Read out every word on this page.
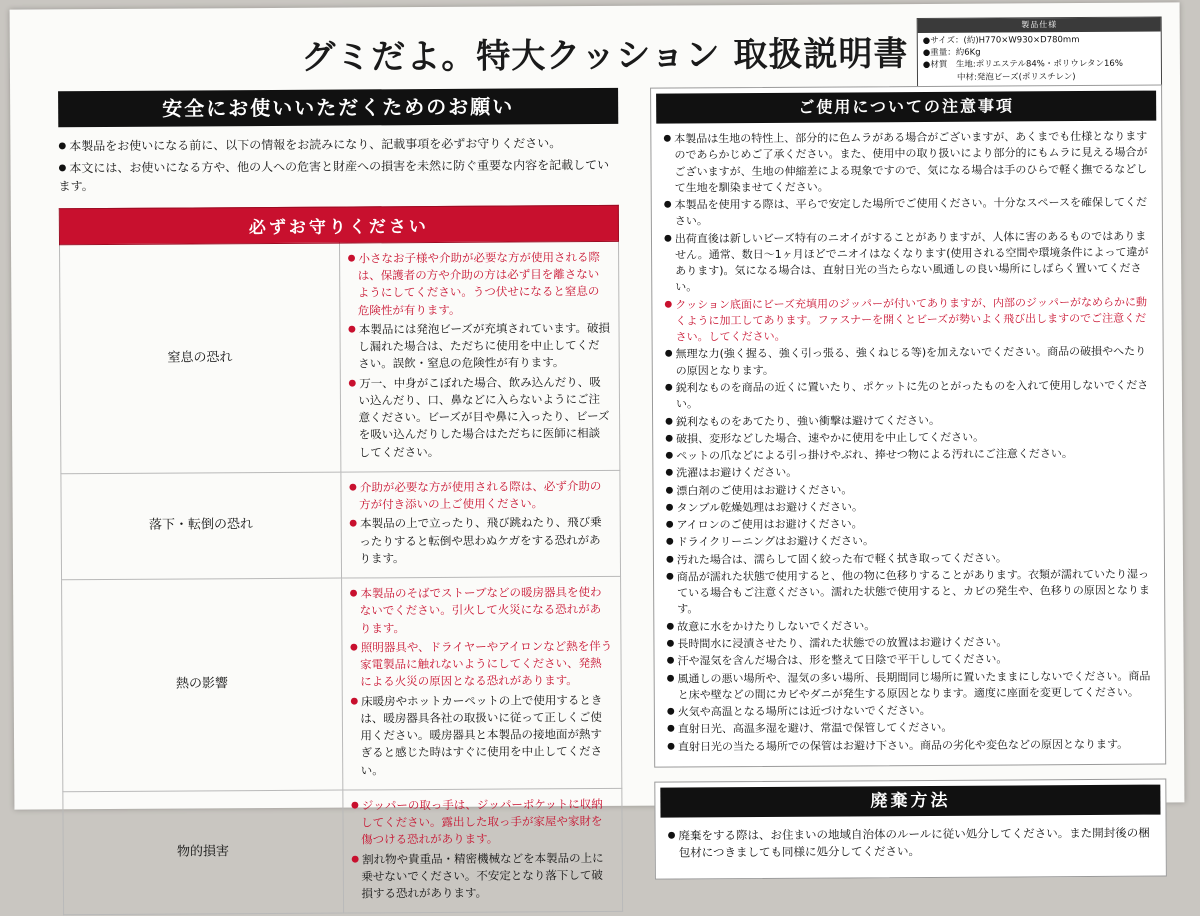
グミだよ。特大クッション 取扱説明書
製品仕様
●サイズ：(約)H770×W930×D780mm
●重量：約6Kg
●材質　生地:ポリエステル84%・ポリウレタン16%
　　　　中材:発泡ビーズ(ポリスチレン)
安全にお使いいただくためのお願い

● 本製品をお使いになる前に、以下の情報をお読みになり、記載事項を必ずお守りください。

● 本文には、お使いになる方や、他の人への危害と財産への損害を未然に防ぐ重要な内容を記載しています。

必ずお守りください	
窒息の恐れ	● 小さなお子様や介助が必要な方が使用される際は、保護者の方や介助の方は必ず目を離さないようにしてください。うつ伏せになると窒息の危険性が有ります。

● 本製品には発泡ビーズが充填されています。破損し漏れた場合は、ただちに使用を中止してください。誤飲・窒息の危険性が有ります。

● 万一、中身がこぼれた場合、飲み込んだり、吸い込んだり、口、鼻などに入らないようにご注意ください。ビーズが目や鼻に入ったり、ビーズを吸い込んだりした場合はただちに医師に相談してください。

落下・転倒の恐れ	● 介助が必要な方が使用される際は、必ず介助の方が付き添いの上ご使用ください。

● 本製品の上で立ったり、飛び跳ねたり、飛び乗ったりすると転倒や思わぬケガをする恐れがあります。

熱の影響	● 本製品のそばでストーブなどの暖房器具を使わないでください。引火して火災になる恐れがあります。

● 照明器具や、ドライヤーやアイロンなど熱を伴う家電製品に触れないようにしてください、発熱による火災の原因となる恐れがあります。

● 床暖房やホットカーペットの上で使用するときは、暖房器具各社の取扱いに従って正しくご使用ください。暖房器具と本製品の接地面が熱すぎると感じた時はすぐに使用を中止してください。

物的損害	● ジッパーの取っ手は、ジッパーポケットに収納してください。露出した取っ手が家屋や家財を傷つける恐れがあります。

● 割れ物や貴重品・精密機械などを本製品の上に乗せないでください。不安定となり落下して破損する恐れがあります。

ご使用についての注意事項

● 本製品は生地の特性上、部分的に色ムラがある場合がございますが、あくまでも仕様となりますのであらかじめご了承ください。また、使用中の取り扱いにより部分的にもムラに見える場合がございますが、生地の伸縮差による現象ですので、気になる場合は手のひらで軽く撫でるなどして生地を馴染ませてください。

● 本製品を使用する際は、平らで安定した場所でご使用ください。十分なスペースを確保してください。

● 出荷直後は新しいビーズ特有のニオイがすることがありますが、人体に害のあるものではありません。通常、数日～1ヶ月ほどでニオイはなくなります(使用される空間や環境条件によって違があります)。気になる場合は、直射日光の当たらない風通しの良い場所にしばらく置いてください。

● クッション底面にビーズ充填用のジッパーが付いてありますが、内部のジッパーがなめらかに動くように加工してあります。ファスナーを開くとビーズが勢いよく飛び出しますのでご注意ください。してください。

● 無理な力(強く握る、強く引っ張る、強くねじる等)を加えないでください。商品の破損やへたりの原因となります。

● 鋭利なものを商品の近くに置いたり、ポケットに先のとがったものを入れて使用しないでください。

● 鋭利なものをあてたり、強い衝撃は避けてください。

● 破損、変形などした場合、速やかに使用を中止してください。

● ペットの爪などによる引っ掛けやぶれ、捧せつ物による汚れにご注意ください。

● 洗濯はお避けください。

● 漂白剤のご使用はお避けください。

● タンブル乾燥処理はお避けください。

● アイロンのご使用はお避けください。

● ドライクリーニングはお避けください。

● 汚れた場合は、濡らして固く絞った布で軽く拭き取ってください。

● 商品が濡れた状態で使用すると、他の物に色移りすることがあります。衣類が濡れていたり湿っている場合もご注意ください。濡れた状態で使用すると、カビの発生や、色移りの原因となります。

● 故意に水をかけたりしないでください。

● 長時間水に浸漬させたり、濡れた状態での放置はお避けください。

● 汗や湿気を含んだ場合は、形を整えて日陰で平干ししてください。

● 風通しの悪い場所や、湿気の多い場所、長期間同じ場所に置いたままにしないでください。商品と床や壁などの間にカビやダニが発生する原因となります。適度に座面を変更してください。

● 火気や高温となる場所には近づけないでください。

● 直射日光、高温多湿を避け、常温で保管してください。

● 直射日光の当たる場所での保管はお避け下さい。商品の劣化や変色などの原因となります。

廃棄方法

● 廃棄をする際は、お住まいの地域自治体のルールに従い処分してください。また開封後の梱包材につきましても同様に処分してください。
